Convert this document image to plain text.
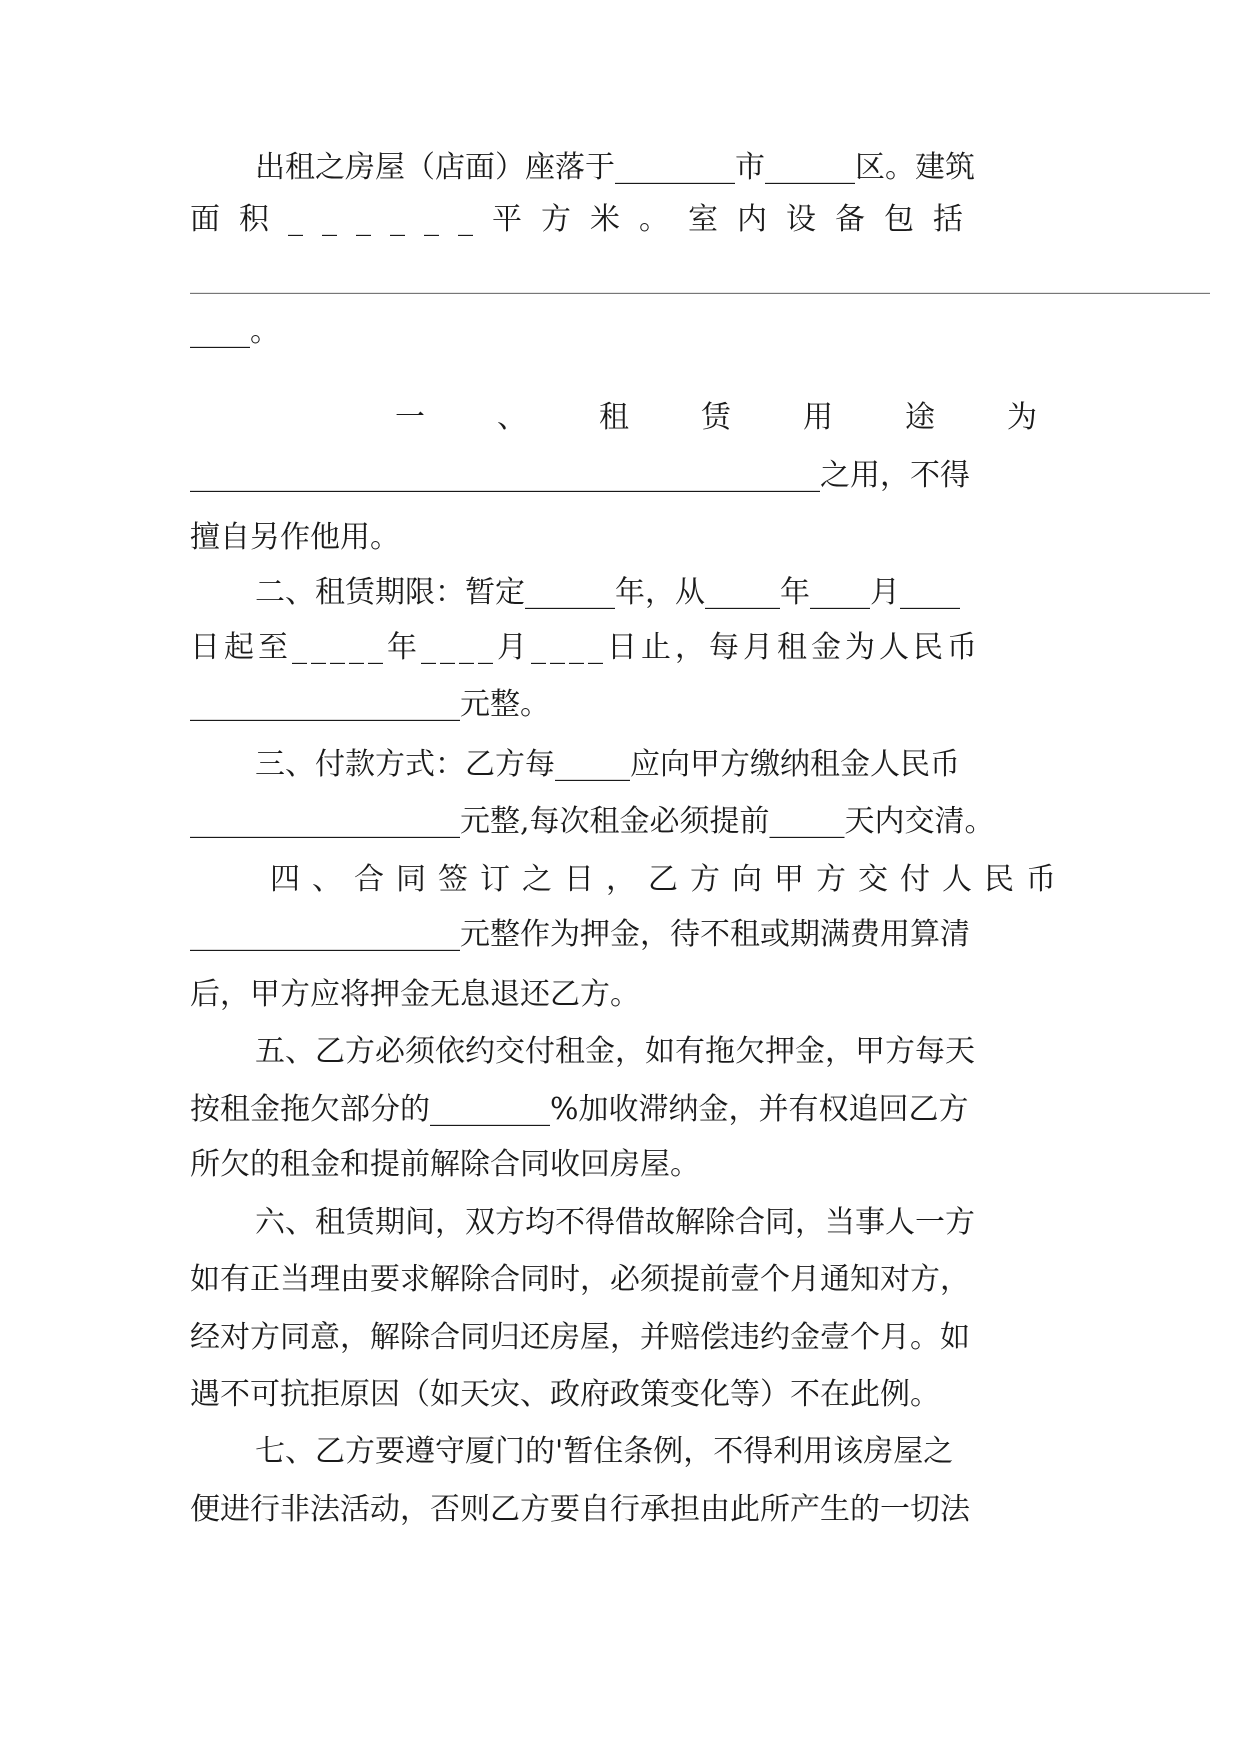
出租之房屋（店面）座落于________市______区。建筑
面积______平方米。室内设备包括
____________________________________________________________________
____。
一、租赁用途为
__________________________________________之用，不得
擅自另作他用。
二、租赁期限：暂定______年，从_____年____月____
日起至_____年____月____日止，每月租金为人民币
__________________元整。
三、付款方式：乙方每_____应向甲方缴纳租金人民币
__________________元整,每次租金必须提前_____天内交清。
四、合同签订之日，乙方向甲方交付人民币
__________________元整作为押金，待不租或期满费用算清
后，甲方应将押金无息退还乙方。
五、乙方必须依约交付租金，如有拖欠押金，甲方每天
按租金拖欠部分的________%加收滞纳金，并有权追回乙方
所欠的租金和提前解除合同收回房屋。
六、租赁期间，双方均不得借故解除合同，当事人一方
如有正当理由要求解除合同时，必须提前壹个月通知对方，
经对方同意，解除合同归还房屋，并赔偿违约金壹个月。如
遇不可抗拒原因（如天灾、政府政策变化等）不在此例。
七、乙方要遵守厦门的'暂住条例，不得利用该房屋之
便进行非法活动，否则乙方要自行承担由此所产生的一切法
